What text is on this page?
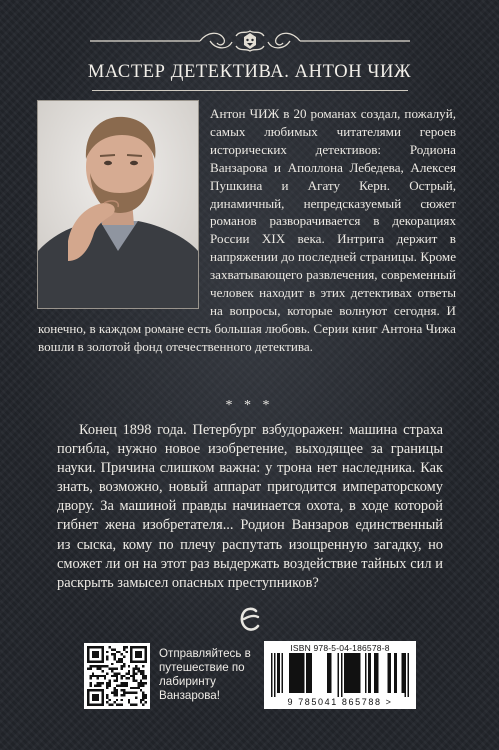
МАСТЕР ДЕТЕКТИВА. АНТОН ЧИЖ

Антон ЧИЖ в 20 романах создал, пожалуй, самых любимых читателями героев исторических детективов: Родиона Ванзарова и Аполлона Лебедева, Алексея Пушкина и Агату Керн. Острый, динамичный, непредсказуемый сюжет романов разворачивается в декорациях России XIX века. Интрига держит в напряжении до последней страницы. Кроме захватывающего развлечения, современный человек находит в этих детективах ответы на вопросы, которые волнуют сегодня. И конечно, в каждом романе есть большая любовь. Серии книг Антона Чижа вошли в золотой фонд отечественного детектива.

* * *

Конец 1898 года. Петербург взбудоражен: машина страха погибла, нужно новое изобретение, выходящее за границы науки. Причина слишком важна: у трона нет наследника. Как знать, возможно, новый аппарат пригодится императорскому двору. За машиной правды начинается охота, в ходе которой гибнет жена изобретателя... Родион Ванзаров единственный из сыска, кому по плечу распутать изощренную загадку, но сможет ли он на этот раз выдержать воздействие тайных сил и раскрыть замысел опасных преступников?

Отправляйтесь в путешествие по лабиринту Ванзарова!
ISBN 978-5-04-186578-8
9 785041 865788 >
